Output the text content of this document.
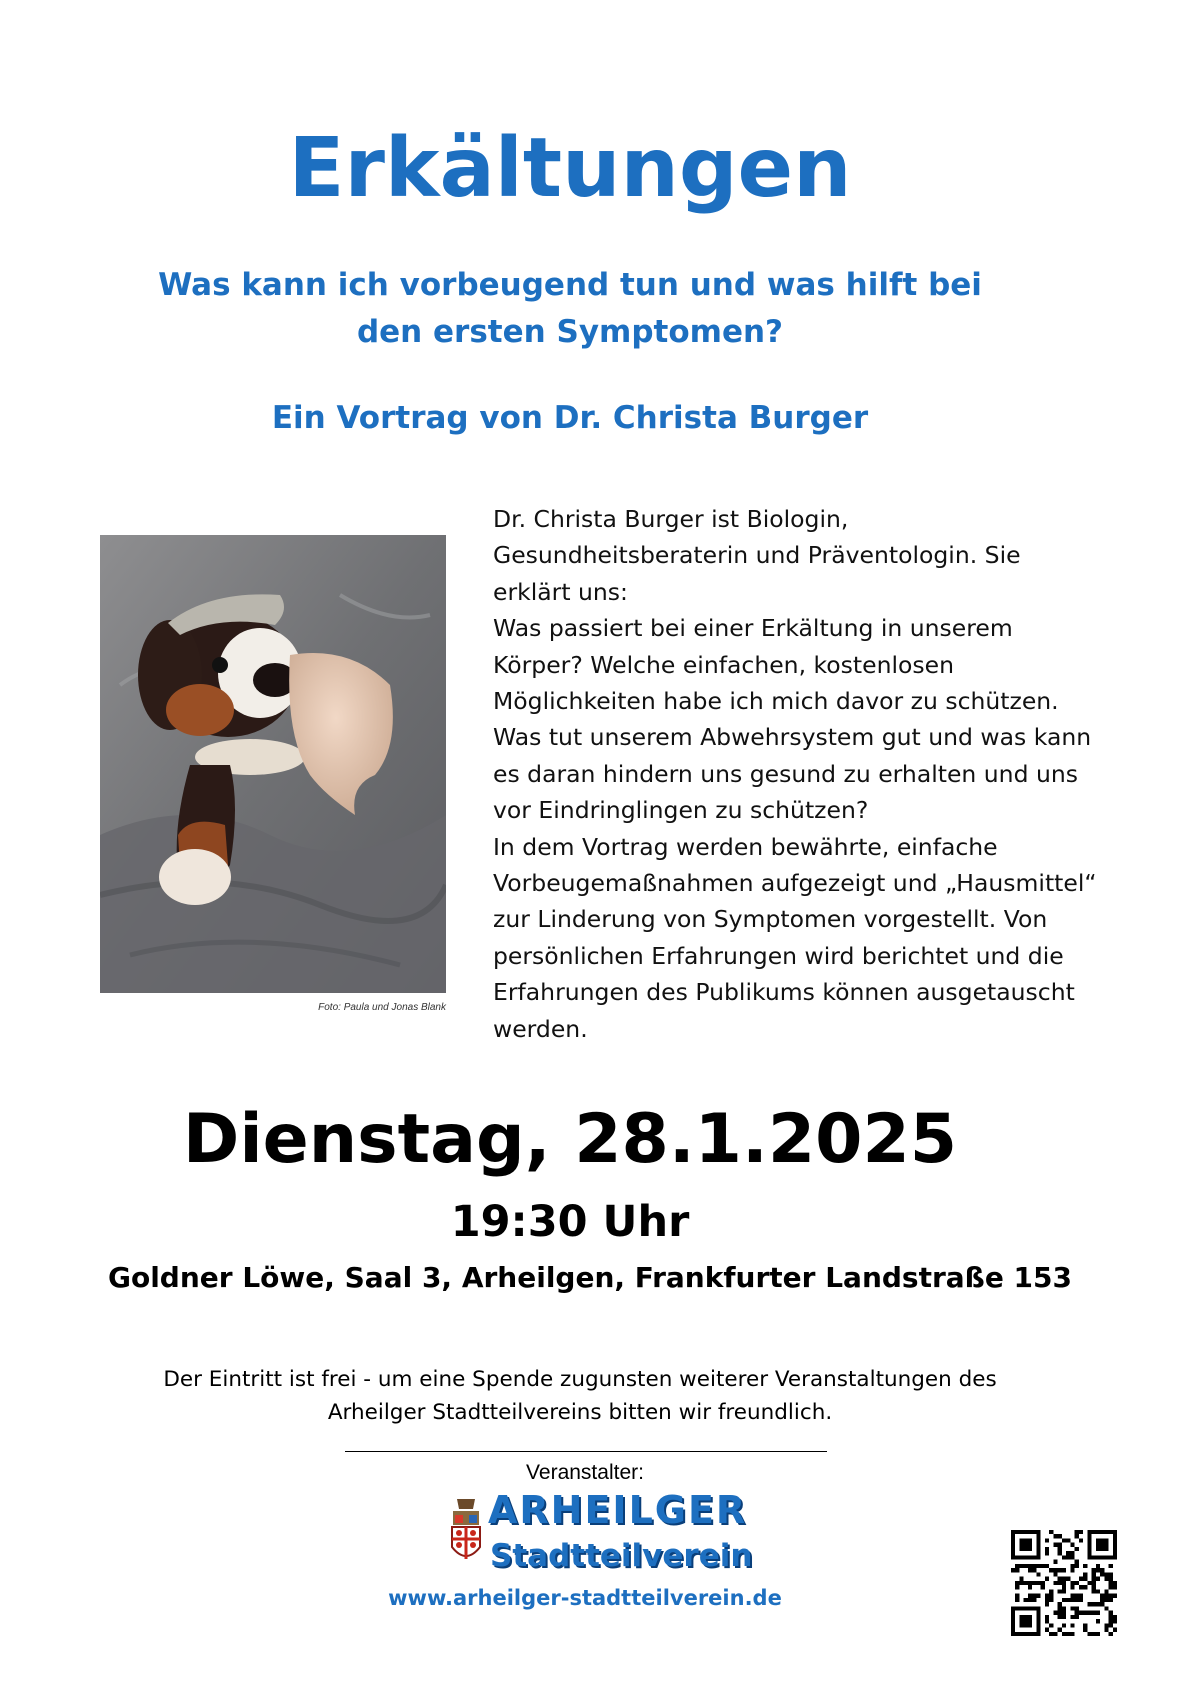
Erkältungen
Was kann ich vorbeugend tun und was hilft bei
den ersten Symptomen?
Ein Vortrag von Dr. Christa Burger
Foto: Paula und Jonas Blank
Dr. Christa Burger ist Biologin,
Gesundheitsberaterin und Präventologin. Sie
erklärt uns:
Was passiert bei einer Erkältung in unserem
Körper? Welche einfachen, kostenlosen
Möglichkeiten habe ich mich davor zu schützen.
Was tut unserem Abwehrsystem gut und was kann
es daran hindern uns gesund zu erhalten und uns
vor Eindringlingen zu schützen?
In dem Vortrag werden bewährte, einfache
Vorbeugemaßnahmen aufgezeigt und „Hausmittel“
zur Linderung von Symptomen vorgestellt. Von
persönlichen Erfahrungen wird berichtet und die
Erfahrungen des Publikums können ausgetauscht
werden.
Dienstag, 28.1.2025
19:30 Uhr
Goldner Löwe, Saal 3, Arheilgen, Frankfurter Landstraße 153
Der Eintritt ist frei - um eine Spende zugunsten weiterer Veranstaltungen des
Arheilger Stadtteilvereins bitten wir freundlich.
Veranstalter:
ARHEILGER
Stadtteilverein
www.arheilger-stadtteilverein.de
